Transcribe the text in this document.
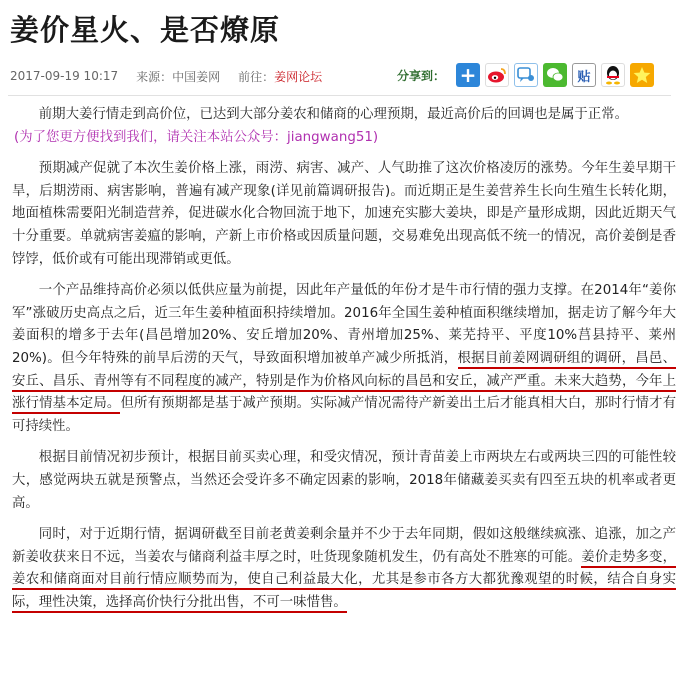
姜价星火、是否燎原
2017-09-19 10:17 来源：中国姜网 前往： 姜网论坛	分享到： +	贴

前期大姜行情走到高价位，已达到大部分姜农和储商的心理预期，最近高价后的回调也是属于正常。

(为了您更方便找到我们，请关注本站公众号：jiangwang51)

预期减产促就了本次生姜价格上涨，雨涝、病害、减产、人气助推了这次价格凌厉的涨势。今年生姜早期干旱，后期涝雨、病害影响，普遍有减产现象(详见前篇调研报告)。而近期正是生姜营养生长向生殖生长转化期，地面植株需要阳光制造营养，促进碳水化合物回流于地下，加速充实膨大姜块，即是产量形成期，因此近期天气十分重要。单就病害姜瘟的影响，产新上市价格或因质量问题，交易难免出现高低不统一的情况，高价姜倒是香饽饽，低价或有可能出现滞销或更低。

一个产品维持高价必须以低供应量为前提，因此年产量低的年份才是牛市行情的强力支撑。在2014年“姜你军”涨破历史高点之后，近三年生姜种植面积持续增加。2016年全国生姜种植面积继续增加，据走访了解今年大姜面积的增多于去年(昌邑增加20%、安丘增加20%、青州增加25%、莱芜持平、平度10%莒县持平、莱州20%)。但今年特殊的前旱后涝的天气，导致面积增加被单产减少所抵消，根据目前姜网调研组的调研，昌邑、安丘、昌乐、青州等有不同程度的减产，特别是作为价格风向标的昌邑和安丘，减产严重。未来大趋势，今年上涨行情基本定局。但所有预期都是基于减产预期。实际减产情况需待产新姜出土后才能真相大白，那时行情才有可持续性。

根据目前情况初步预计，根据目前买卖心理，和受灾情况，预计青苗姜上市两块左右或两块三四的可能性较大，感觉两块五就是预警点，当然还会受许多不确定因素的影响，2018年储藏姜买卖有四至五块的机率或者更高。

同时，对于近期行情，据调研截至目前老黄姜剩余量并不少于去年同期，假如这般继续疯涨、追涨，加之产新姜收获来日不远，当姜农与储商利益丰厚之时，吐货现象随机发生，仍有高处不胜寒的可能。姜价走势多变，姜农和储商面对目前行情应顺势而为，使自己利益最大化，尤其是参市各方大都犹豫观望的时候，结合自身实际，理性决策，选择高价快行分批出售，不可一味惜售。
